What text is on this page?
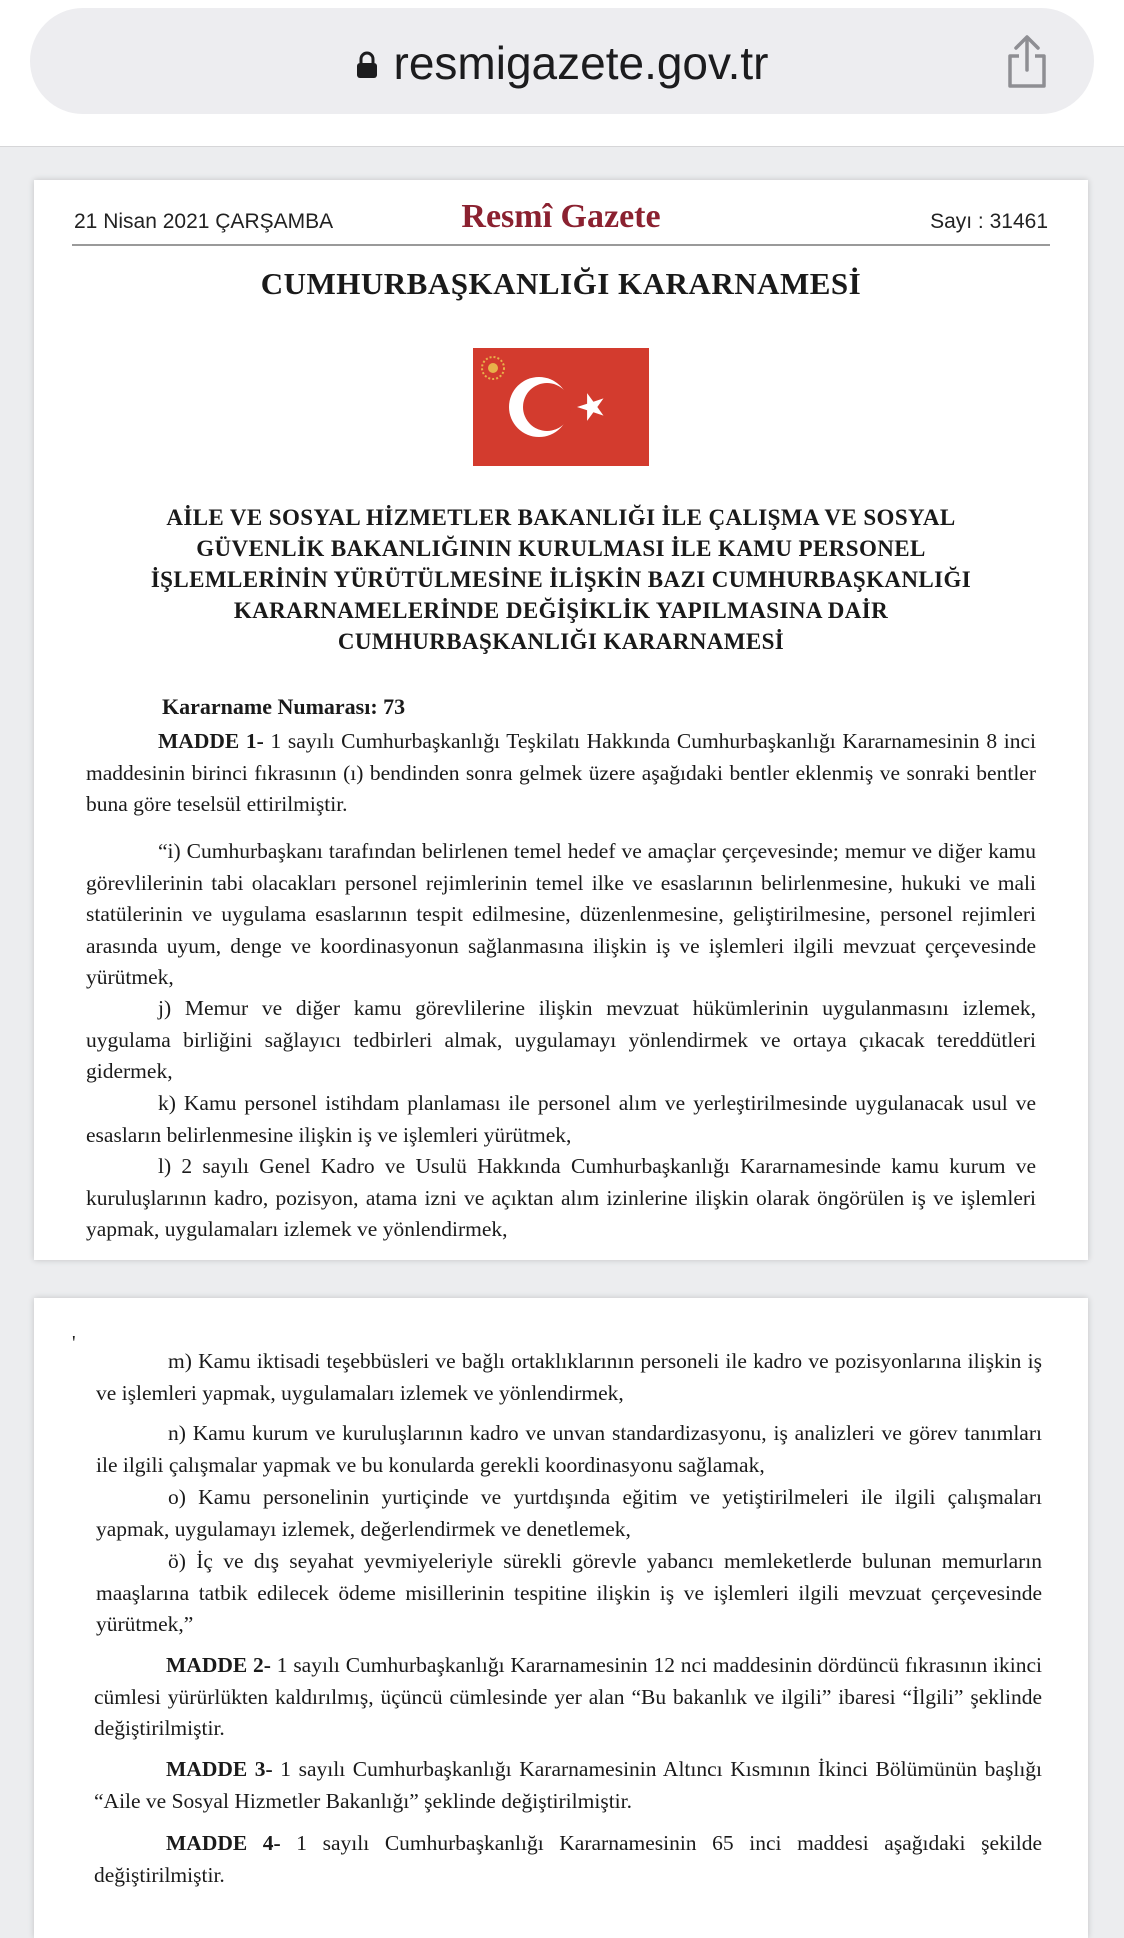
resmigazete.gov.tr
21 Nisan 2021 ÇARŞAMBA	Resmî Gazete	Sayı : 31461
CUMHURBAŞKANLIĞI KARARNAMESİ
AİLE VE SOSYAL HİZMETLER BAKANLIĞI İLE ÇALIŞMA VE SOSYAL GÜVENLİK BAKANLIĞININ KURULMASI İLE KAMU PERSONEL İŞLEMLERİNİN YÜRÜTÜLMESİNE İLİŞKİN BAZI CUMHURBAŞKANLIĞI KARARNAMELERİNDE DEĞİŞİKLİK YAPILMASINA DAİR CUMHURBAŞKANLIĞI KARARNAMESİ
Kararname Numarası: 73
MADDE 1- 1 sayılı Cumhurbaşkanlığı Teşkilatı Hakkında Cumhurbaşkanlığı Kararnamesinin 8 inci maddesinin birinci fıkrasının (ı) bendinden sonra gelmek üzere aşağıdaki bentler eklenmiş ve sonraki bentler buna göre teselsül ettirilmiştir.
“i) Cumhurbaşkanı tarafından belirlenen temel hedef ve amaçlar çerçevesinde; memur ve diğer kamu görevlilerinin tabi olacakları personel rejimlerinin temel ilke ve esaslarının belirlenmesine, hukuki ve mali statülerinin ve uygulama esaslarının tespit edilmesine, düzenlenmesine, geliştirilmesine, personel rejimleri arasında uyum, denge ve koordinasyonun sağlanmasına ilişkin iş ve işlemleri ilgili mevzuat çerçevesinde yürütmek,
j) Memur ve diğer kamu görevlilerine ilişkin mevzuat hükümlerinin uygulanmasını izlemek, uygulama birliğini sağlayıcı tedbirleri almak, uygulamayı yönlendirmek ve ortaya çıkacak tereddütleri gidermek,
k) Kamu personel istihdam planlaması ile personel alım ve yerleştirilmesinde uygulanacak usul ve esasların belirlenmesine ilişkin iş ve işlemleri yürütmek,
l) 2 sayılı Genel Kadro ve Usulü Hakkında Cumhurbaşkanlığı Kararnamesinde kamu kurum ve kuruluşlarının kadro, pozisyon, atama izni ve açıktan alım izinlerine ilişkin olarak öngörülen iş ve işlemleri yapmak, uygulamaları izlemek ve yönlendirmek,
'
m) Kamu iktisadi teşebbüsleri ve bağlı ortaklıklarının personeli ile kadro ve pozisyonlarına ilişkin iş ve işlemleri yapmak, uygulamaları izlemek ve yönlendirmek,
n) Kamu kurum ve kuruluşlarının kadro ve unvan standardizasyonu, iş analizleri ve görev tanımları ile ilgili çalışmalar yapmak ve bu konularda gerekli koordinasyonu sağlamak,
o) Kamu personelinin yurtiçinde ve yurtdışında eğitim ve yetiştirilmeleri ile ilgili çalışmaları yapmak, uygulamayı izlemek, değerlendirmek ve denetlemek,
ö) İç ve dış seyahat yevmiyeleriyle sürekli görevle yabancı memleketlerde bulunan memurların maaşlarına tatbik edilecek ödeme misillerinin tespitine ilişkin iş ve işlemleri ilgili mevzuat çerçevesinde yürütmek,”
MADDE 2- 1 sayılı Cumhurbaşkanlığı Kararnamesinin 12 nci maddesinin dördüncü fıkrasının ikinci cümlesi yürürlükten kaldırılmış, üçüncü cümlesinde yer alan “Bu bakanlık ve ilgili” ibaresi “İlgili” şeklinde değiştirilmiştir.
MADDE 3- 1 sayılı Cumhurbaşkanlığı Kararnamesinin Altıncı Kısmının İkinci Bölümünün başlığı “Aile ve Sosyal Hizmetler Bakanlığı” şeklinde değiştirilmiştir.
MADDE 4- 1 sayılı Cumhurbaşkanlığı Kararnamesinin 65 inci maddesi aşağıdaki şekilde değiştirilmiştir.
